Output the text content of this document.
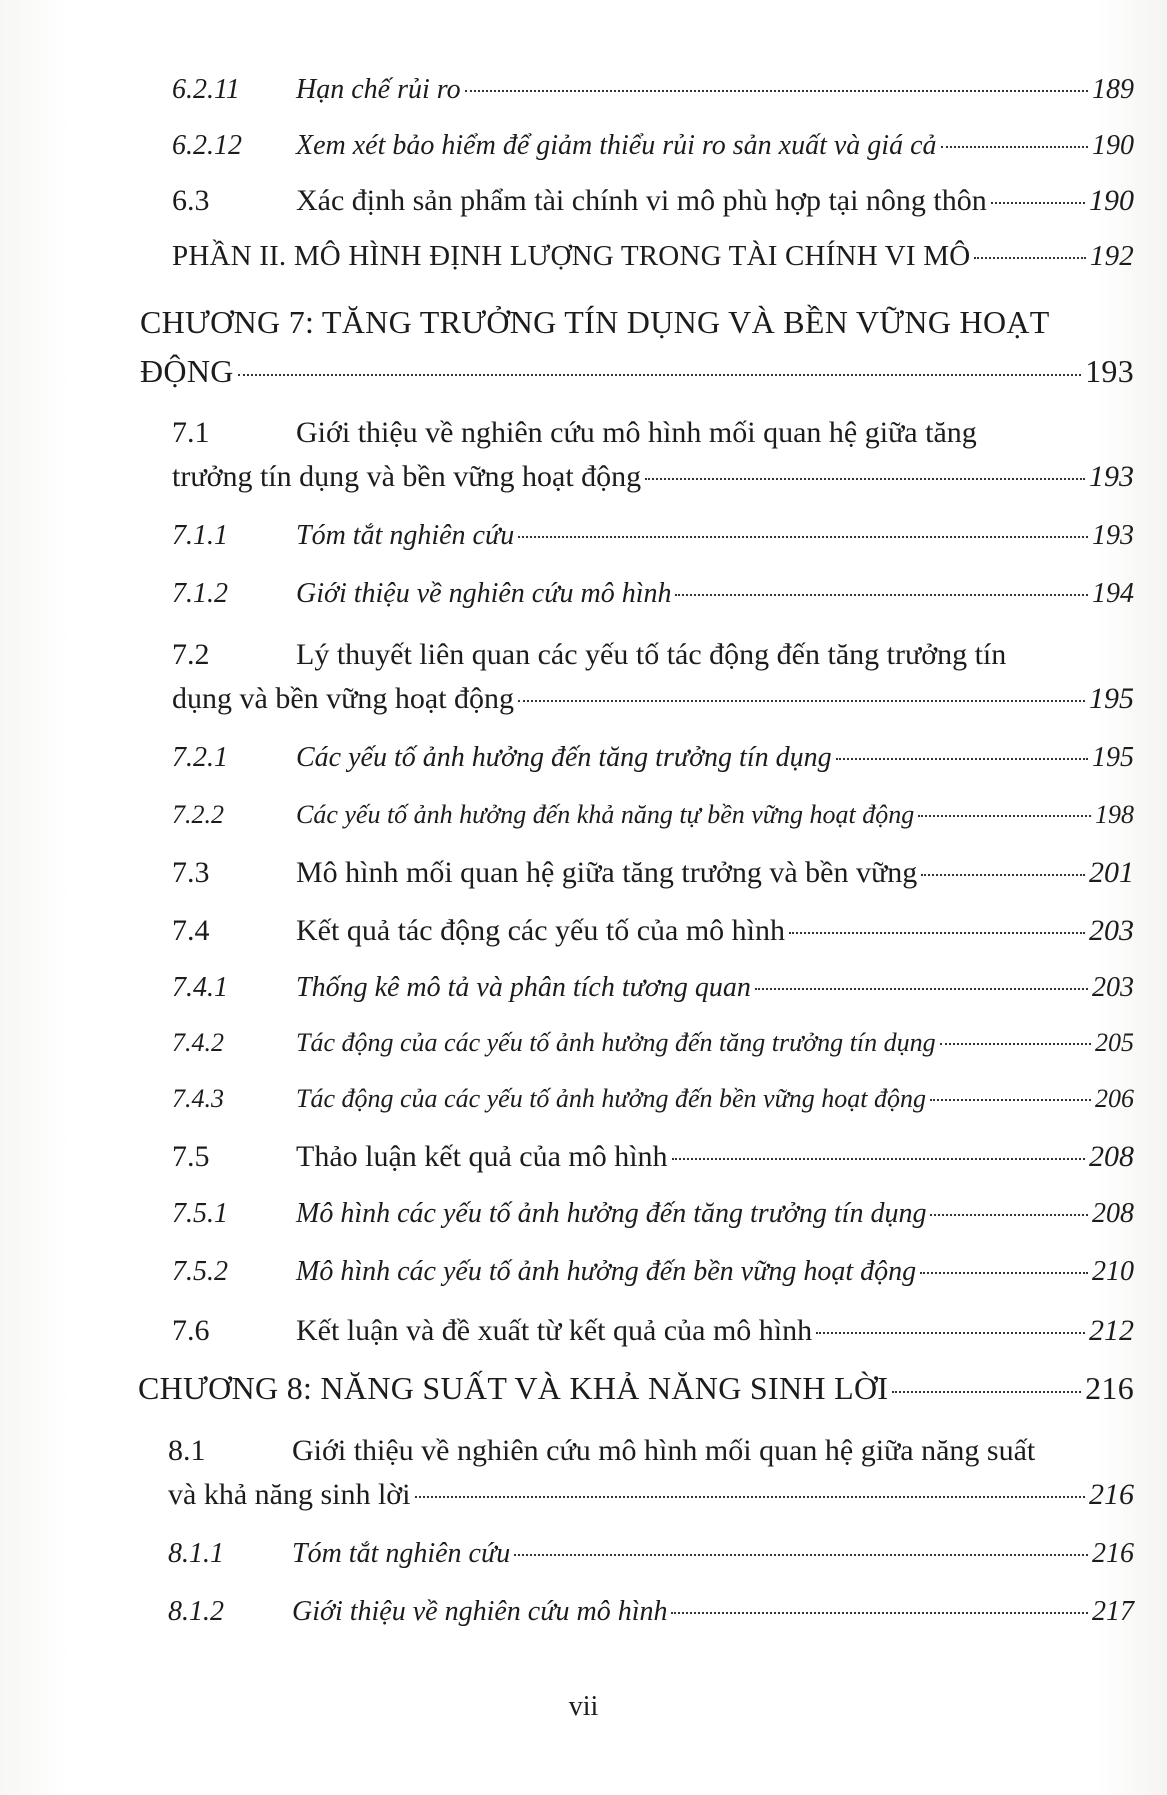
6.2.11	Hạn chế rủi ro	189
6.2.12	Xem xét bảo hiểm để giảm thiểu rủi ro sản xuất và giá cả	190
6.3	Xác định sản phẩm tài chính vi mô phù hợp tại nông thôn	190
PHẦN II. MÔ HÌNH ĐỊNH LƯỢNG TRONG TÀI CHÍNH VI MÔ	192
CHƯƠNG 7: TĂNG TRƯỞNG TÍN DỤNG VÀ BỀN VỮNG HOẠT
ĐỘNG	193
7.1	Giới thiệu về nghiên cứu mô hình mối quan hệ giữa tăng
trưởng tín dụng và bền vững hoạt động	193
7.1.1	Tóm tắt nghiên cứu	193
7.1.2	Giới thiệu về nghiên cứu mô hình	194
7.2	Lý thuyết liên quan các yếu tố tác động đến tăng trưởng tín
dụng và bền vững hoạt động	195
7.2.1	Các yếu tố ảnh hưởng đến tăng trưởng tín dụng	195
7.2.2	Các yếu tố ảnh hưởng đến khả năng tự bền vững hoạt động	198
7.3	Mô hình mối quan hệ giữa tăng trưởng và bền vững	201
7.4	Kết quả tác động các yếu tố của mô hình	203
7.4.1	Thống kê mô tả và phân tích tương quan	203
7.4.2	Tác động của các yếu tố ảnh hưởng đến tăng trưởng tín dụng	205
7.4.3	Tác động của các yếu tố ảnh hưởng đến bền vững hoạt động	206
7.5	Thảo luận kết quả của mô hình	208
7.5.1	Mô hình các yếu tố ảnh hưởng đến tăng trưởng tín dụng	208
7.5.2	Mô hình các yếu tố ảnh hưởng đến bền vững hoạt động	210
7.6	Kết luận và đề xuất từ kết quả của mô hình	212
CHƯƠNG 8: NĂNG SUẤT VÀ KHẢ NĂNG SINH LỜI	216
8.1	Giới thiệu về nghiên cứu mô hình mối quan hệ giữa năng suất
và khả năng sinh lời	216
8.1.1	Tóm tắt nghiên cứu	216
8.1.2	Giới thiệu về nghiên cứu mô hình	217
vii
